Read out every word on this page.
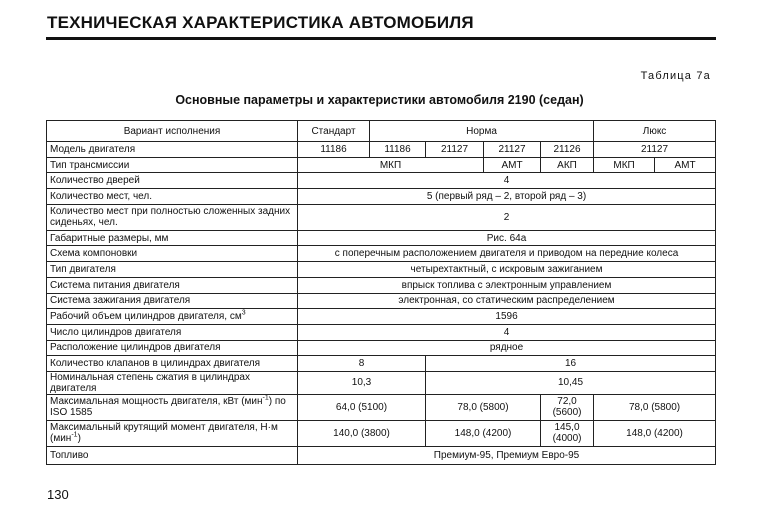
ТЕХНИЧЕСКАЯ ХАРАКТЕРИСТИКА АВТОМОБИЛЯ
Таблица 7а
Основные параметры и характеристики автомобиля 2190 (седан)
Вариант исполнения	Стандарт	Норма				Люкс	
Модель двигателя	11186	11186	21127	21127	21126	21127	
Тип трансмиссии	МКП			АМТ	АКП	МКП	АМТ
Количество дверей	4						
Количество мест, чел.	5 (первый ряд – 2, второй ряд – 3)						
Количество мест при полностью сложенных задних сиденьях, чел.	2						
Габаритные размеры, мм	Рис. 64а						
Схема компоновки	с поперечным расположением двигателя и приводом на передние колеса						
Тип двигателя	четырехтактный, с искровым зажиганием						
Система питания двигателя	впрыск топлива с электронным управлением						
Система зажигания двигателя	электронная, со статическим распределением						
Рабочий объем цилиндров двигателя, $см^3$	1596						
Число цилиндров двигателя	4						
Расположение цилиндров двигателя	рядное						
Количество клапанов в цилиндрах двигателя	8		16				
Номинальная степень сжатия в цилиндрах двигателя	10,3		10,45				
Максимальная мощность двигателя, кВт (мин$^{-1}$) по ISO 1585	64,0 (5100)		78,0 (5800)		72,0 (5600)	78,0 (5800)	
Максимальный крутящий момент двигателя, Н·м (мин$^{-1}$)	140,0 (3800)		148,0 (4200)		145,0 (4000)	148,0 (4200)	
Топливо	Премиум-95, Премиум Евро-95						
130
